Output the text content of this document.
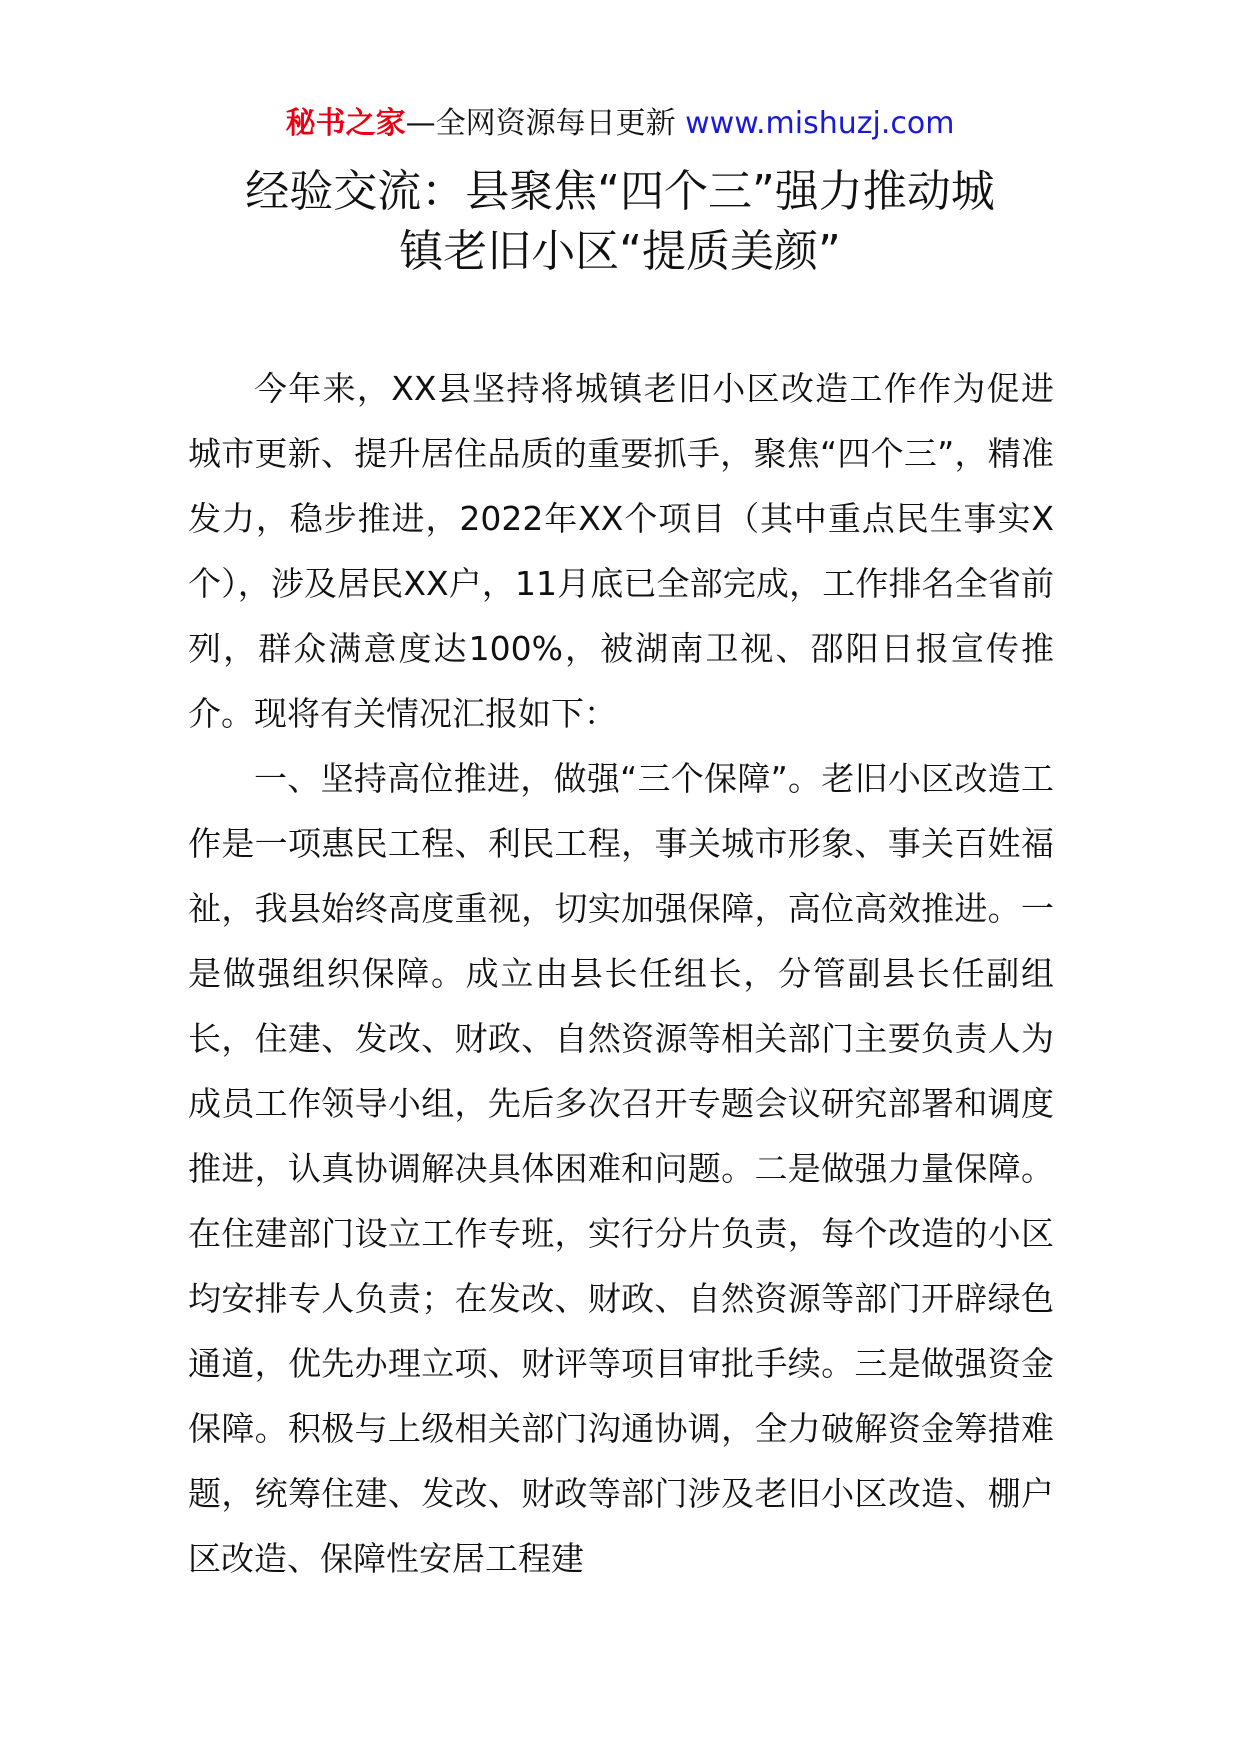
秘书之家—全网资源每日更新 www.mishuzj.com
经验交流：县聚焦“四个三”强力推动城
镇老旧小区“提质美颜”

今年来，XX县坚持将城镇老旧小区改造工作作为促进城市更新、提升居住品质的重要抓手，聚焦“四个三”，精准发力，稳步推进，2022年XX个项目（其中重点民生事实X个），涉及居民XX户，11月底已全部完成，工作排名全省前列，群众满意度达100%，被湖南卫视、邵阳日报宣传推介。现将有关情况汇报如下：

一、坚持高位推进，做强“三个保障”。老旧小区改造工作是一项惠民工程、利民工程，事关城市形象、事关百姓福祉，我县始终高度重视，切实加强保障，高位高效推进。一是做强组织保障。成立由县长任组长，分管副县长任副组长，住建、发改、财政、自然资源等相关部门主要负责人为成员工作领导小组，先后多次召开专题会议研究部署和调度推进，认真协调解决具体困难和问题。二是做强力量保障。在住建部门设立工作专班，实行分片负责，每个改造的小区均安排专人负责；在发改、财政、自然资源等部门开辟绿色通道，优先办理立项、财评等项目审批手续。三是做强资金保障。积极与上级相关部门沟通协调，全力破解资金筹措难题，统筹住建、发改、财政等部门涉及老旧小区改造、棚户区改造、保障性安居工程建
